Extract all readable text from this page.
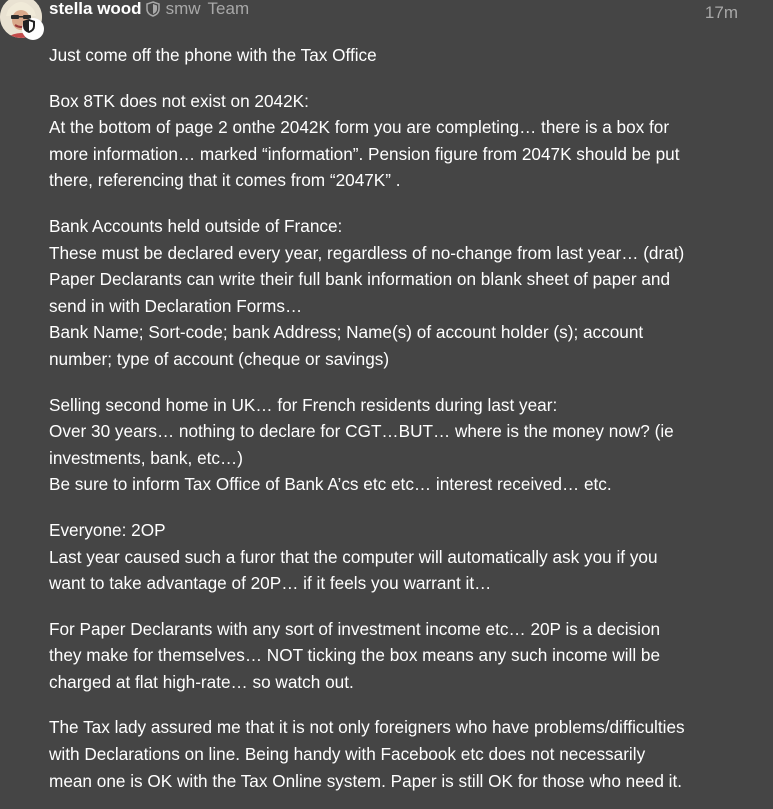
stella wood smw Team	17m

Just come off the phone with the Tax Office

Box 8TK does not exist on 2042K:
At the bottom of page 2 onthe 2042K form you are completing… there is a box for
more information… marked “information”. Pension figure from 2047K should be put
there, referencing that it comes from “2047K” .

Bank Accounts held outside of France:
These must be declared every year, regardless of no-change from last year… (drat)
Paper Declarants can write their full bank information on blank sheet of paper and
send in with Declaration Forms…
Bank Name; Sort-code; bank Address; Name(s) of account holder (s); account
number; type of account (cheque or savings)

Selling second home in UK… for French residents during last year:
Over 30 years… nothing to declare for CGT…BUT… where is the money now? (ie
investments, bank, etc…)
Be sure to inform Tax Office of Bank A’cs etc etc… interest received… etc.

Everyone: 2OP
Last year caused such a furor that the computer will automatically ask you if you
want to take advantage of 20P… if it feels you warrant it…

For Paper Declarants with any sort of investment income etc… 20P is a decision
they make for themselves… NOT ticking the box means any such income will be
charged at flat high-rate… so watch out.

The Tax lady assured me that it is not only foreigners who have problems/difficulties
with Declarations on line. Being handy with Facebook etc does not necessarily
mean one is OK with the Tax Online system. Paper is still OK for those who need it.
